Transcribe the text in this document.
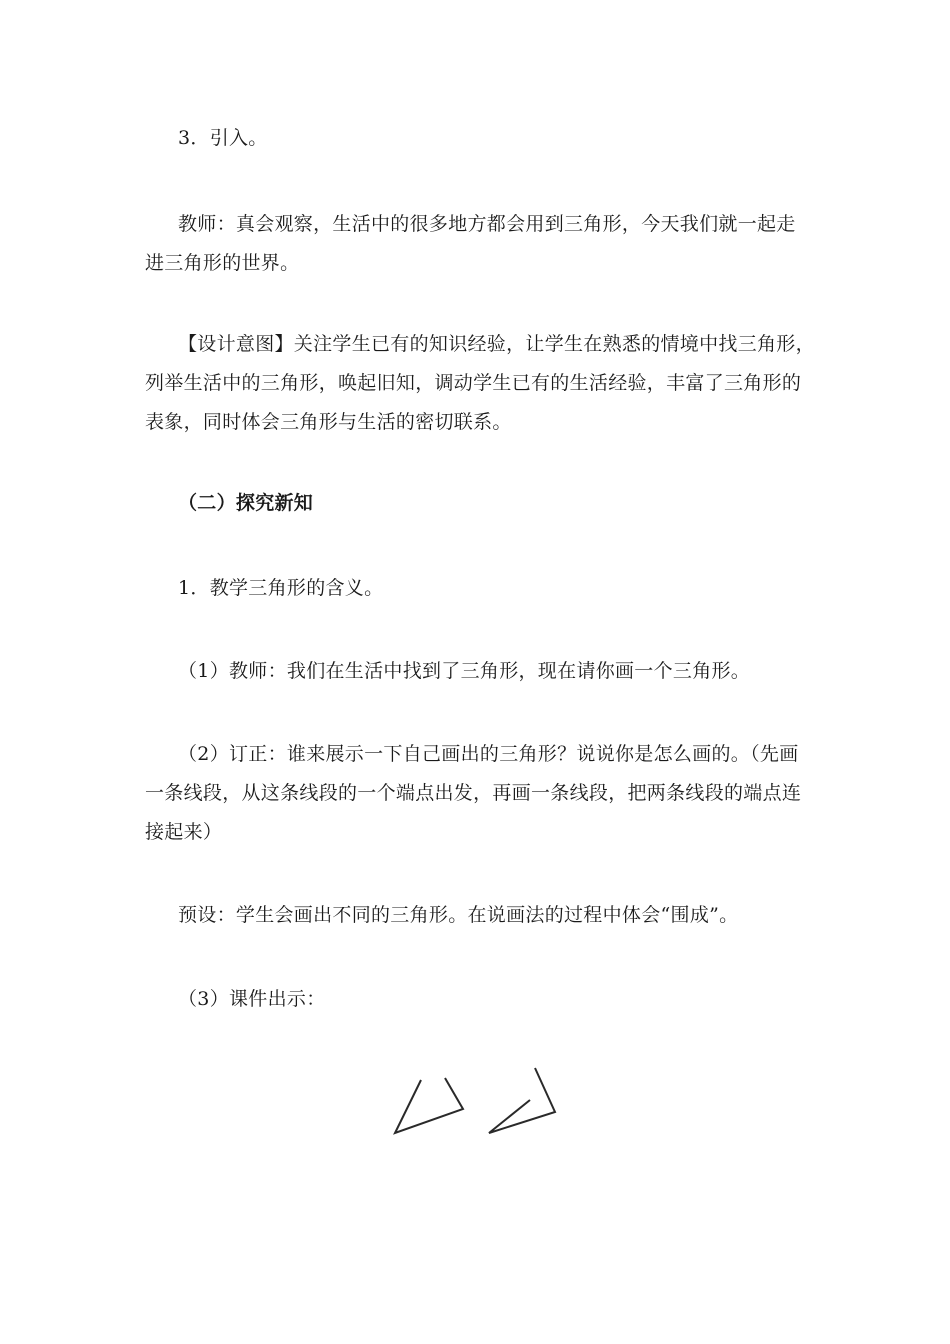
3．引入。
教师：真会观察，生活中的很多地方都会用到三角形，今天我们就一起走
进三角形的世界。
【设计意图】关注学生已有的知识经验，让学生在熟悉的情境中找三角形，
列举生活中的三角形，唤起旧知，调动学生已有的生活经验，丰富了三角形的
表象，同时体会三角形与生活的密切联系。
（二）探究新知
1．教学三角形的含义。
（1）教师：我们在生活中找到了三角形，现在请你画一个三角形。
（2）订正：谁来展示一下自己画出的三角形？说说你是怎么画的。（先画
一条线段，从这条线段的一个端点出发，再画一条线段，把两条线段的端点连
接起来）
预设：学生会画出不同的三角形。在说画法的过程中体会“围成”。
（3）课件出示：
